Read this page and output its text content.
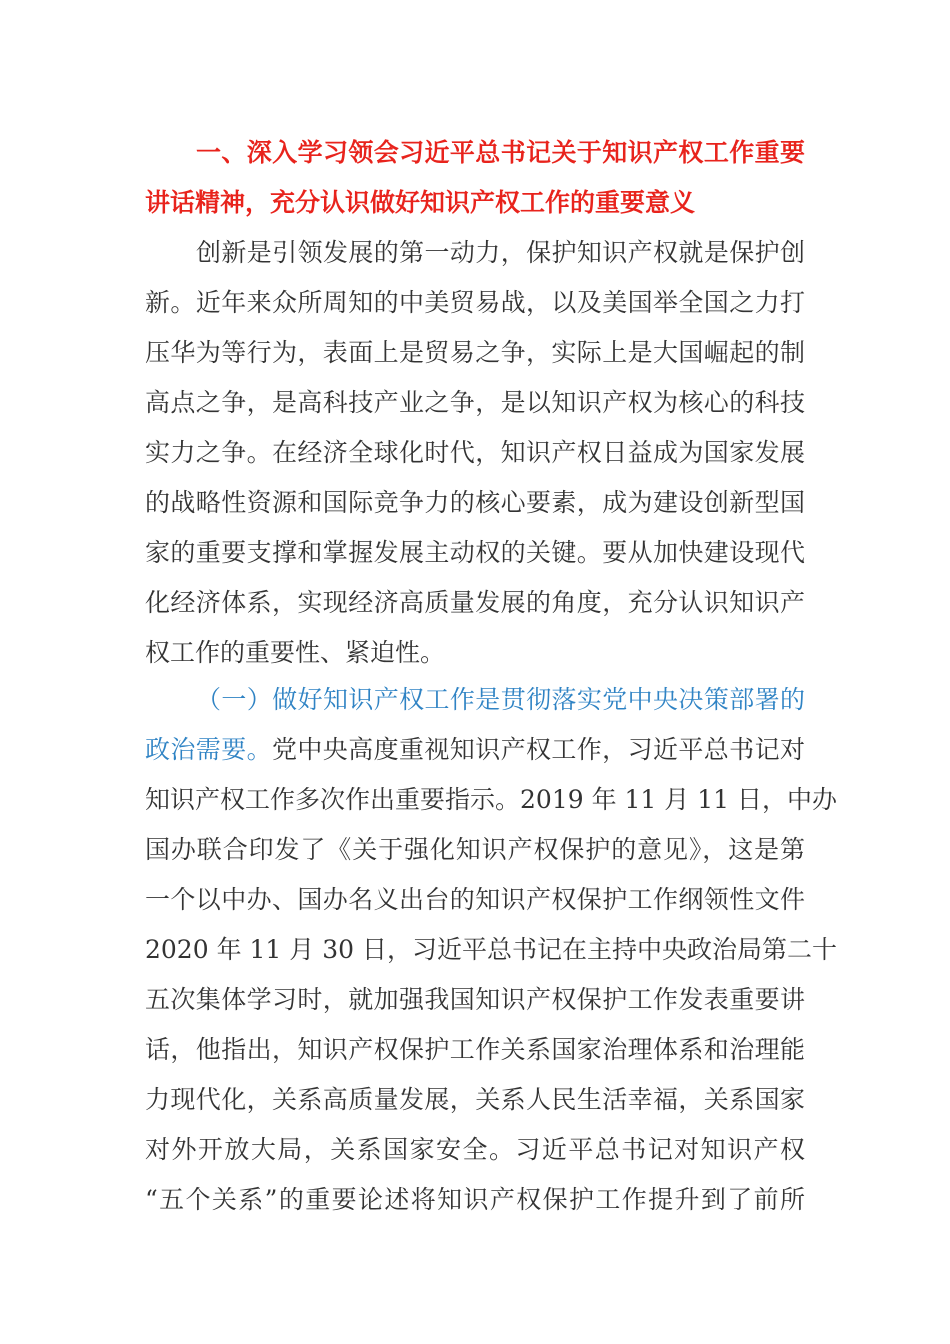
一、深入学习领会习近平总书记关于知识产权工作重要
讲话精神，充分认识做好知识产权工作的重要意义
创新是引领发展的第一动力，保护知识产权就是保护创
新。近年来众所周知的中美贸易战，以及美国举全国之力打
压华为等行为，表面上是贸易之争，实际上是大国崛起的制
高点之争，是高科技产业之争，是以知识产权为核心的科技
实力之争。在经济全球化时代，知识产权日益成为国家发展
的战略性资源和国际竞争力的核心要素，成为建设创新型国
家的重要支撑和掌握发展主动权的关键。要从加快建设现代
化经济体系，实现经济高质量发展的角度，充分认识知识产
权工作的重要性、紧迫性。
（一）做好知识产权工作是贯彻落实党中央决策部署的
政治需要。党中央高度重视知识产权工作，习近平总书记对
知识产权工作多次作出重要指示。2019 年 11 月 11 日，中办
国办联合印发了《关于强化知识产权保护的意见》，这是第
一个以中办、国办名义出台的知识产权保护工作纲领性文件
2020 年 11 月 30 日，习近平总书记在主持中央政治局第二十
五次集体学习时，就加强我国知识产权保护工作发表重要讲
话，他指出，知识产权保护工作关系国家治理体系和治理能
力现代化，关系高质量发展，关系人民生活幸福，关系国家
对外开放大局，关系国家安全。习近平总书记对知识产权
“五个关系”的重要论述将知识产权保护工作提升到了前所
